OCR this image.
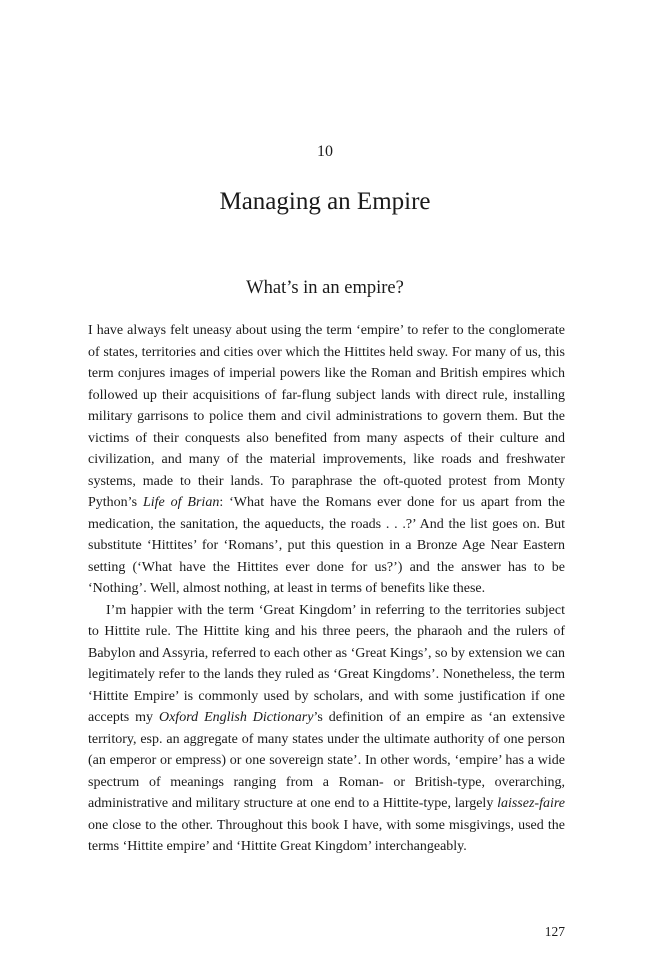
10
Managing an Empire
What’s in an empire?

I have always felt uneasy about using the term ‘empire’ to refer to the conglomerate of states, territories and cities over which the Hittites held sway. For many of us, this term conjures images of imperial powers like the Roman and British empires which followed up their acquisitions of far-flung subject lands with direct rule, installing military garrisons to police them and civil administrations to govern them. But the victims of their conquests also benefited from many aspects of their culture and civilization, and many of the material improvements, like roads and freshwater systems, made to their lands. To paraphrase the oft-quoted protest from Monty Python’s Life of Brian: ‘What have the Romans ever done for us apart from the medication, the sanitation, the aqueducts, the roads . . .?’ And the list goes on. But substitute ‘Hittites’ for ‘Romans’, put this question in a Bronze Age Near Eastern setting (‘What have the Hittites ever done for us?’) and the answer has to be ‘Nothing’. Well, almost nothing, at least in terms of benefits like these.

I’m happier with the term ‘Great Kingdom’ in referring to the territories subject to Hittite rule. The Hittite king and his three peers, the pharaoh and the rulers of Babylon and Assyria, referred to each other as ‘Great Kings’, so by extension we can legitimately refer to the lands they ruled as ‘Great Kingdoms’. Nonetheless, the term ‘Hittite Empire’ is commonly used by scholars, and with some justification if one accepts my Oxford English Dictionary’s definition of an empire as ‘an extensive territory, esp. an aggregate of many states under the ultimate authority of one person (an emperor or empress) or one sovereign state’. In other words, ‘empire’ has a wide spectrum of meanings ranging from a Roman- or British-type, overarching, administrative and military structure at one end to a Hittite-type, largely laissez-faire one close to the other. Throughout this book I have, with some misgivings, used the terms ‘Hittite empire’ and ‘Hittite Great Kingdom’ interchangeably.

127
